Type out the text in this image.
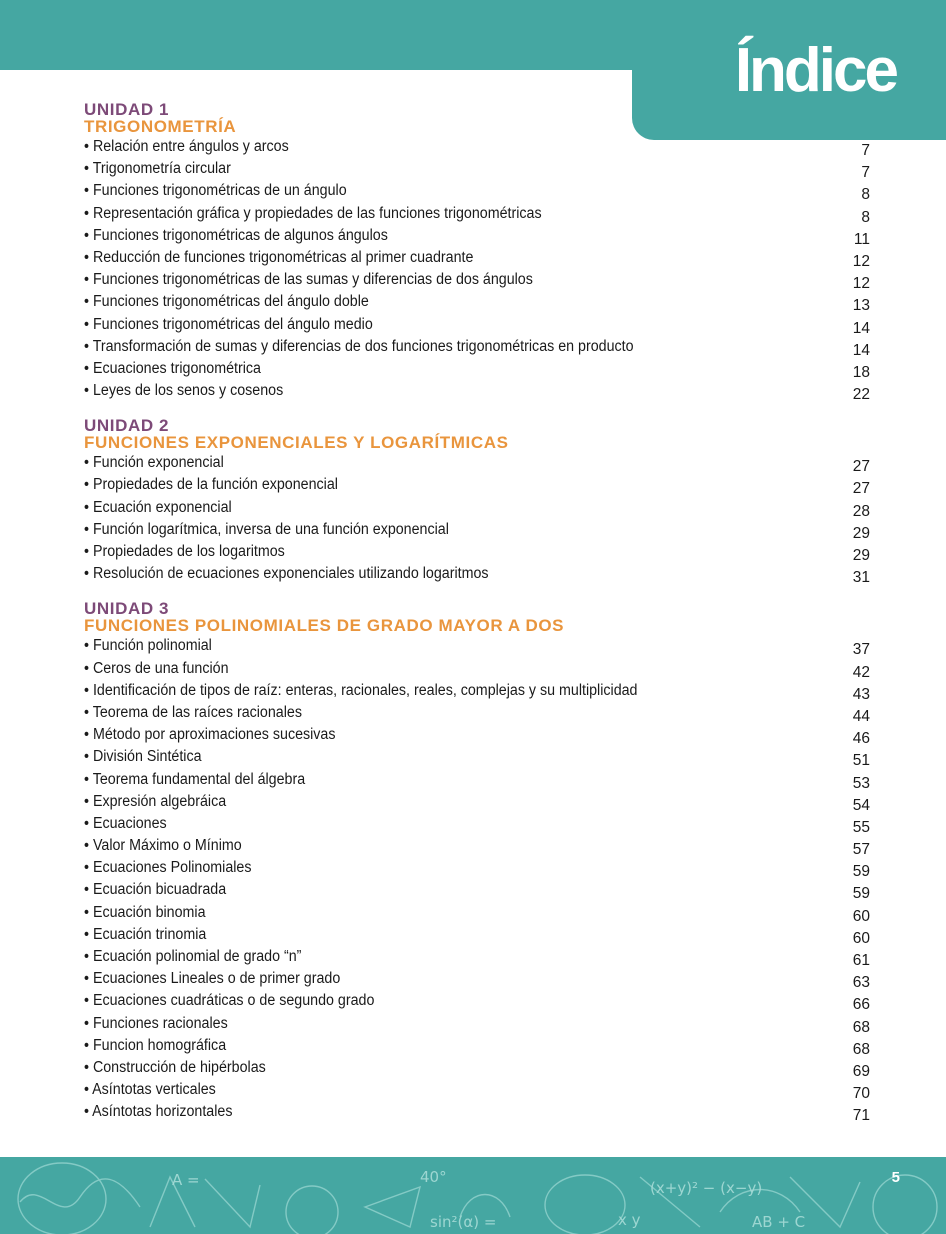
Índice

UNIDAD 1

TRIGONOMETRÍA

• Relación entre ángulos y arcos	7
• Trigonometría circular	7
• Funciones trigonométricas de un ángulo	8
• Representación gráfica y propiedades de las funciones trigonométricas	8
• Funciones trigonométricas de algunos ángulos	11
• Reducción de funciones trigonométricas al primer cuadrante	12
• Funciones trigonométricas de las sumas y diferencias de dos ángulos	12
• Funciones trigonométricas del ángulo doble	13
• Funciones trigonométricas del ángulo medio	14
• Transformación de sumas y diferencias de dos funciones trigonométricas en producto	14
• Ecuaciones trigonométrica	18
• Leyes de los senos y cosenos	22

UNIDAD 2

FUNCIONES EXPONENCIALES Y LOGARÍTMICAS

• Función exponencial	27
• Propiedades de la función exponencial	27
• Ecuación exponencial	28
• Función logarítmica, inversa de una función exponencial	29
• Propiedades de los logaritmos	29
• Resolución de ecuaciones exponenciales utilizando logaritmos	31

UNIDAD 3

FUNCIONES POLINOMIALES DE GRADO MAYOR A DOS

• Función polinomial	37
• Ceros de una función	42
• Identificación de tipos de raíz: enteras, racionales, reales, complejas y su multiplicidad	43
• Teorema de las raíces racionales	44
• Método por aproximaciones sucesivas	46
• División Sintética	51
• Teorema fundamental del álgebra	53
• Expresión algebráica	54
• Ecuaciones	55
• Valor Máximo o Mínimo	57
• Ecuaciones Polinomiales	59
• Ecuación bicuadrada	59
• Ecuación binomia	60
• Ecuación trinomia	60
• Ecuación polinomial de grado “n”	61
• Ecuaciones Lineales o de primer grado	63
• Ecuaciones cuadráticas o de segundo grado	66
• Funciones racionales	68
• Funcion homográfica	68
• Construcción de hipérbolas	69
• Asíntotas verticales	70
• Asíntotas horizontales	71
A =	40°
sin²(α) =
(x+y)² − (x−y)
x y	AB + C
5
